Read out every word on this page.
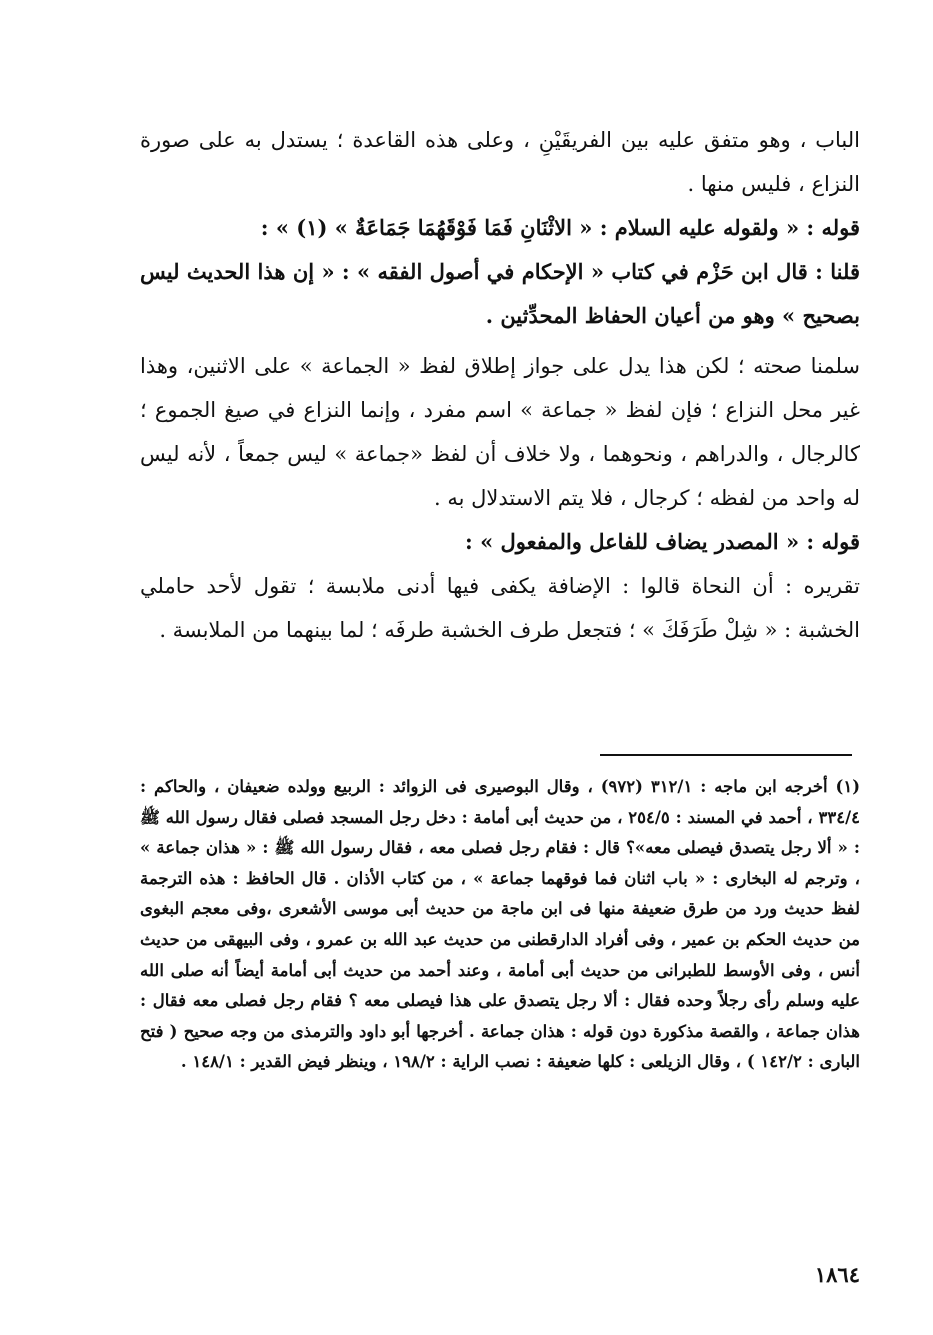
الباب ، وهو متفق عليه بين الفريقَيْنِ ، وعلى هذه القاعدة ؛ يستدل به على صورة النزاع ، فليس منها .

قوله : « ولقوله عليه السلام : « الاثْنَانِ فَمَا فَوْقَهُمَا جَمَاعَةٌ » (١) » :

قلنا : قال ابن حَزْم في كتاب « الإحكام في أصول الفقه » : « إن هذا الحديث ليس بصحيح » وهو من أعيان الحفاظ المحدِّثين .

سلمنا صحته ؛ لكن هذا يدل على جواز إطلاق لفظ « الجماعة » على الاثنين، وهذا غير محل النزاع ؛ فإن لفظ « جماعة » اسم مفرد ، وإنما النزاع في صيغ الجموع ؛ كالرجال ، والدراهم ، ونحوهما ، ولا خلاف أن لفظ «جماعة » ليس جمعاً ، لأنه ليس له واحد من لفظه ؛ كرجال ، فلا يتم الاستدلال به .

قوله : « المصدر يضاف للفاعل والمفعول » :

تقريره : أن النحاة قالوا : الإضافة يكفى فيها أدنى ملابسة ؛ تقول لأحد حاملي الخشبة : « شِلْ طَرَفَكَ » ؛ فتجعل طرف الخشبة طرفَه ؛ لما بينهما من الملابسة .

(١) أخرجه ابن ماجه : ٣١٢/١ (٩٧٢) ، وقال البوصيرى فى الزوائد : الربيع وولده ضعيفان ، والحاكم : ٣٣٤/٤ ، أحمد في المسند : ٢٥٤/٥ ، من حديث أبى أمامة : دخل رجل المسجد فصلى فقال رسول الله ﷺ : « ألا رجل يتصدق فيصلى معه»؟ قال : فقام رجل فصلى معه ، فقال رسول الله ﷺ : « هذان جماعة » ، وترجم له البخارى : « باب اثنان فما فوقهما جماعة » ، من كتاب الأذان . قال الحافظ : هذه الترجمة لفظ حديث ورد من طرق ضعيفة منها فى ابن ماجة من حديث أبى موسى الأشعرى ،وفى معجم البغوى من حديث الحكم بن عمير ، وفى أفراد الدارقطنى من حديث عبد الله بن عمرو ، وفى البيهقى من حديث أنس ، وفى الأوسط للطبرانى من حديث أبى أمامة ، وعند أحمد من حديث أبى أمامة أيضاً أنه صلى الله عليه وسلم رأى رجلاً وحده فقال : ألا رجل يتصدق على هذا فيصلى معه ؟ فقام رجل فصلى معه فقال : هذان جماعة ، والقصة مذكورة دون قوله : هذان جماعة . أخرجها أبو داود والترمذى من وجه صحيح ( فتح البارى : ١٤٢/٢ ) ، وقال الزيلعى : كلها ضعيفة : نصب الراية : ١٩٨/٢ ، وينظر فيض القدير : ١٤٨/١ .

١٨٦٤
